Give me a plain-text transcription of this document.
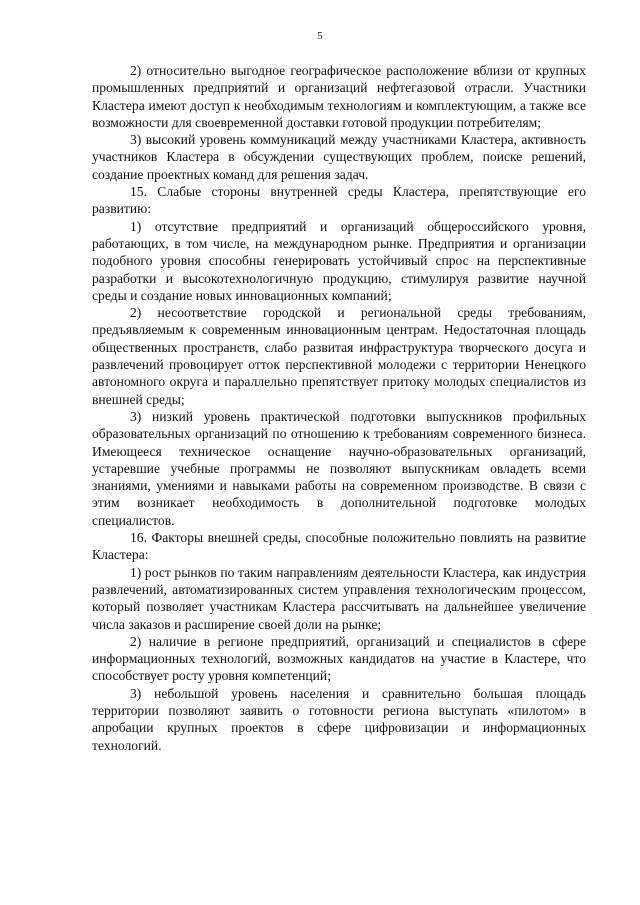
5

2) относительно выгодное географическое расположение вблизи от крупных промышленных предприятий и организаций нефтегазовой отрасли. Участники Кластера имеют доступ к необходимым технологиям и комплектующим, а также все возможности для своевременной доставки готовой продукции потребителям;

3) высокий уровень коммуникаций между участниками Кластера, активность участников Кластера в обсуждении существующих проблем, поиске решений, создание проектных команд для решения задач.

15. Слабые стороны внутренней среды Кластера, препятствующие его развитию:

1) отсутствие предприятий и организаций общероссийского уровня, работающих, в том числе, на международном рынке. Предприятия и организации подобного уровня способны генерировать устойчивый спрос на перспективные разработки и высокотехнологичную продукцию, стимулируя развитие научной среды и создание новых инновационных компаний;

2) несоответствие городской и региональной среды требованиям, предъявляемым к современным инновационным центрам. Недостаточная площадь общественных пространств, слабо развитая инфраструктура творческого досуга и развлечений провоцирует отток перспективной молодежи с территории Ненецкого автономного округа и параллельно препятствует притоку молодых специалистов из внешней среды;

3) низкий уровень практической подготовки выпускников профильных образовательных организаций по отношению к требованиям современного бизнеса. Имеющееся техническое оснащение научно-образовательных организаций, устаревшие учебные программы не позволяют выпускникам овладеть всеми знаниями, умениями и навыками работы на современном производстве. В связи с этим возникает необходимость в дополнительной подготовке молодых специалистов.

16. Факторы внешней среды, способные положительно повлиять на развитие Кластера:

1) рост рынков по таким направлениям деятельности Кластера, как индустрия развлечений, автоматизированных систем управления технологическим процессом, который позволяет участникам Кластера рассчитывать на дальнейшее увеличение числа заказов и расширение своей доли на рынке;

2) наличие в регионе предприятий, организаций и специалистов в сфере информационных технологий, возможных кандидатов на участие в Кластере, что способствует росту уровня компетенций;

3) небольшой уровень населения и сравнительно большая площадь территории позволяют заявить о готовности региона выступать «пилотом» в апробации крупных проектов в сфере цифровизации и информационных технологий.
